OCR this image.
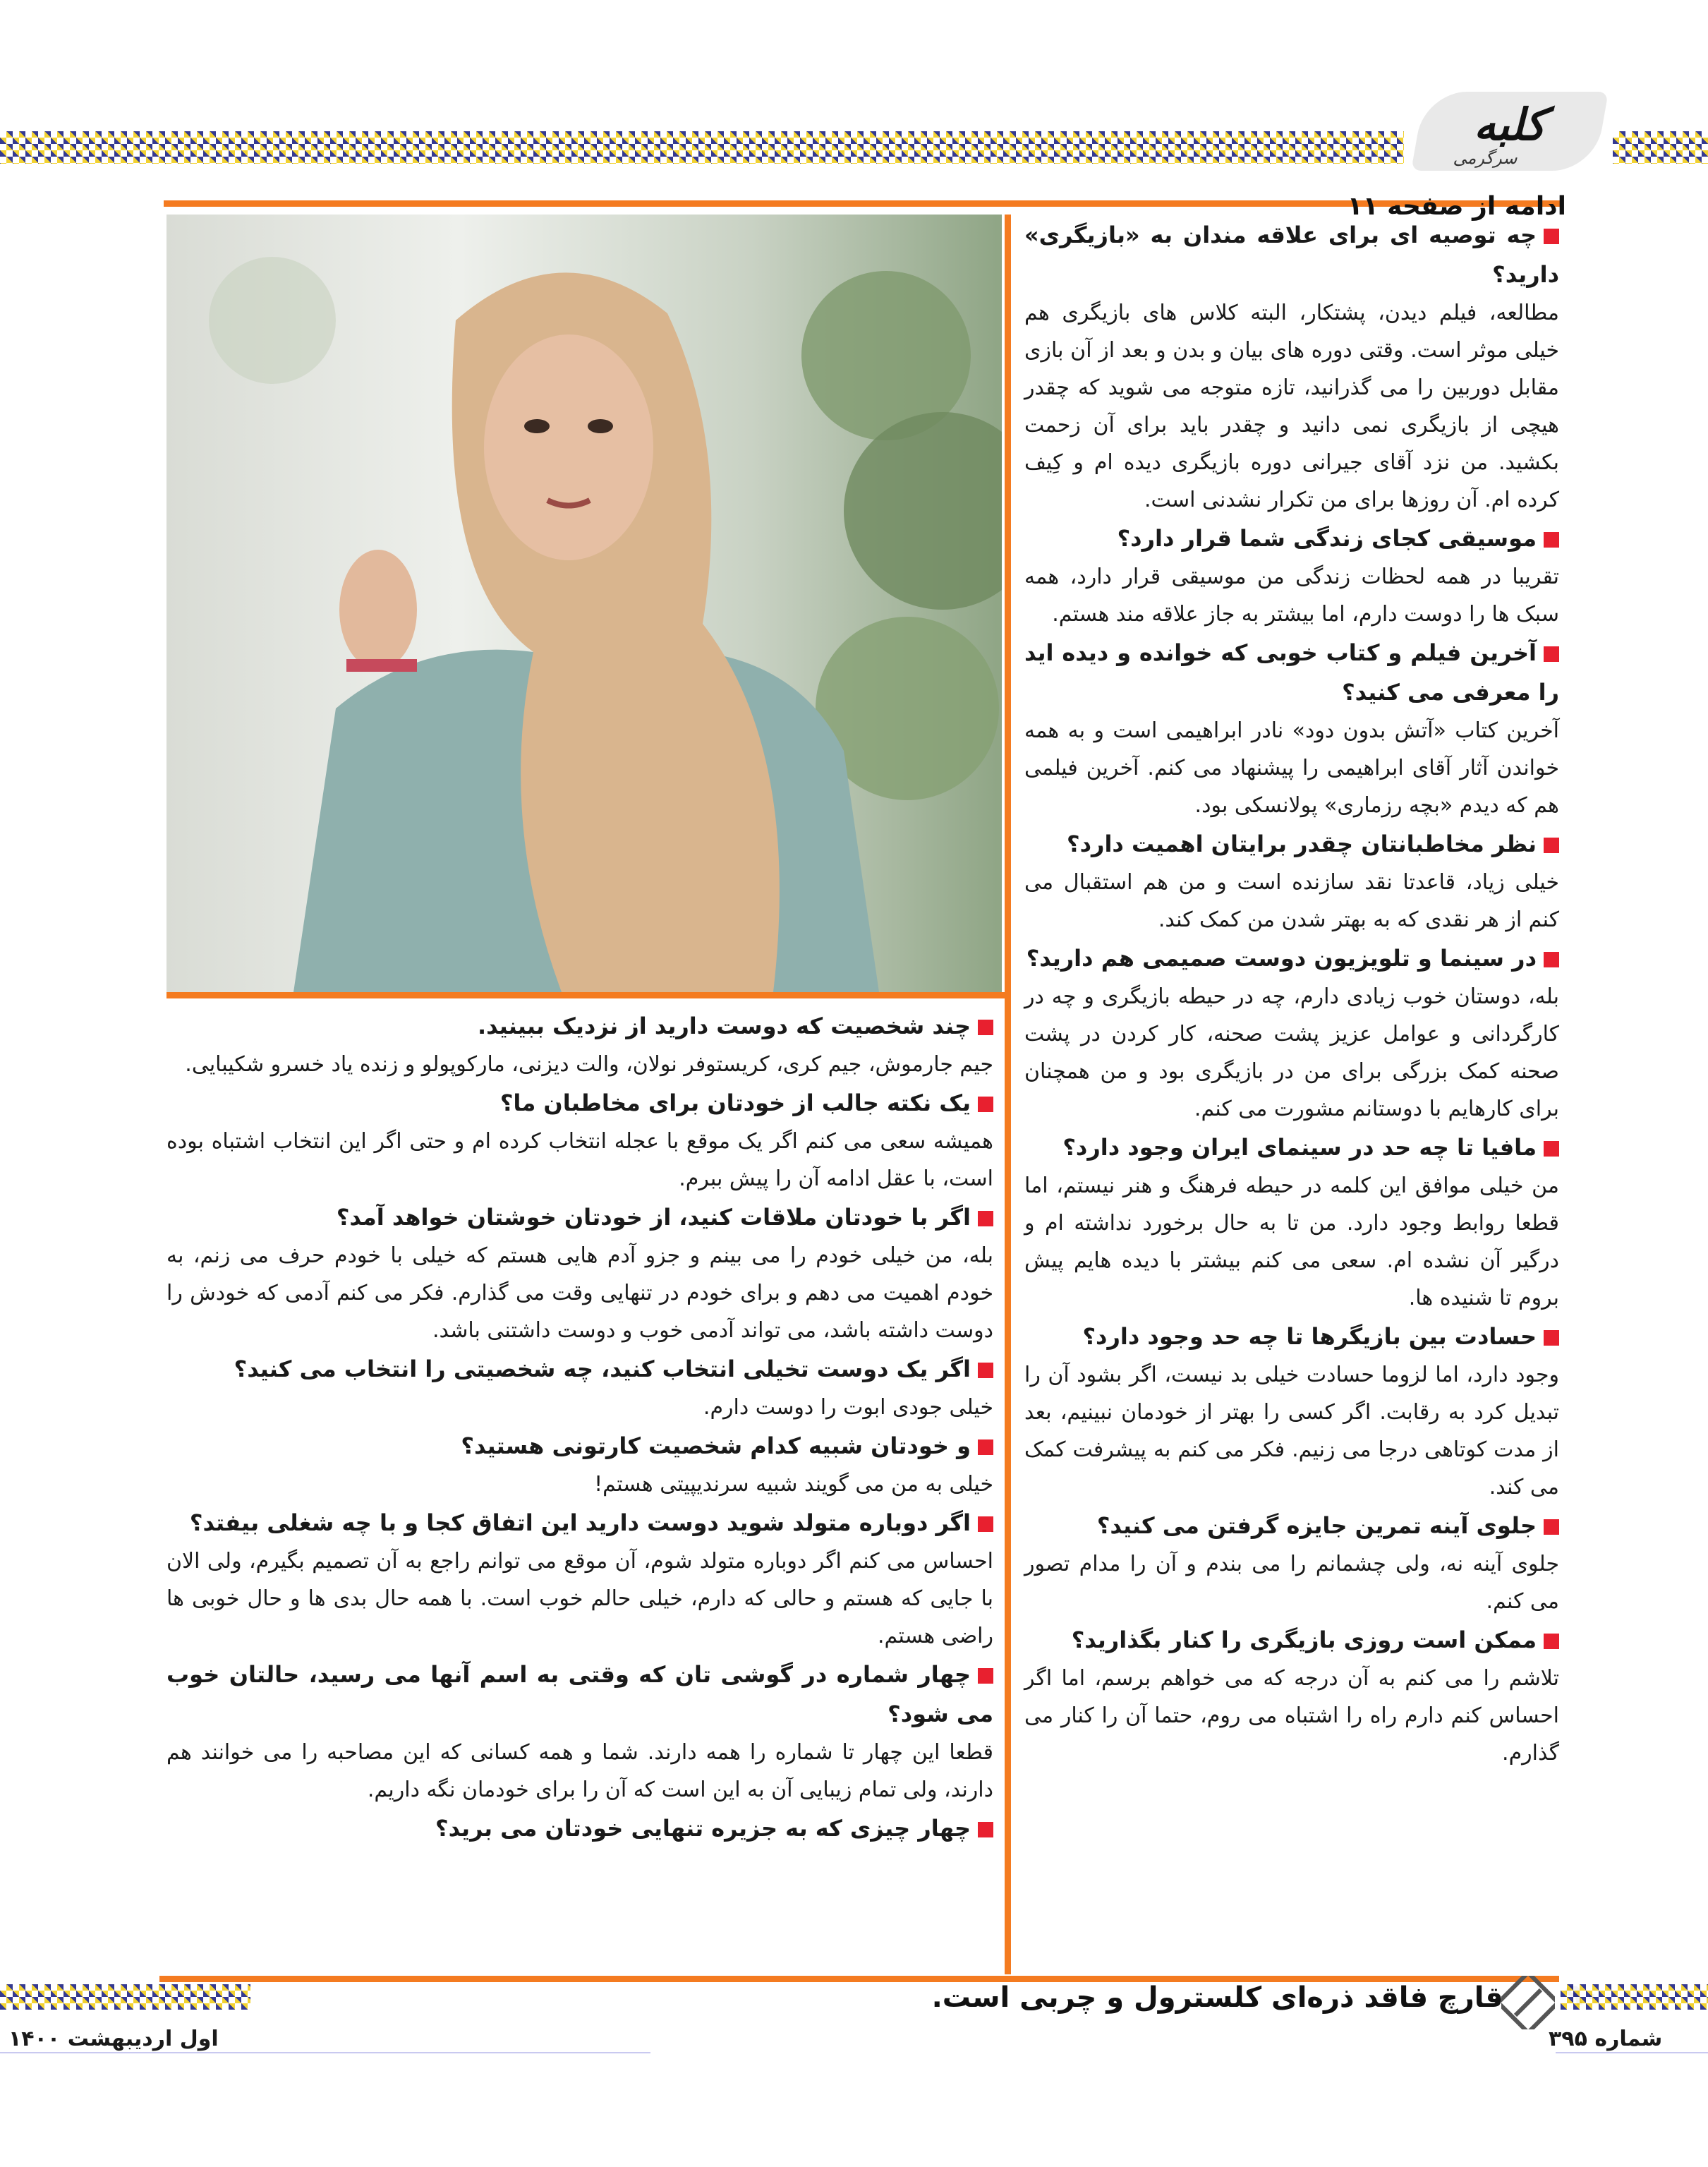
کلبه
سرگرمی
ادامه از صفحه ۱۱

چه توصیه ای برای علاقه مندان به «بازیگری» دارید؟

مطالعه، فیلم دیدن، پشتکار، البته کلاس های بازیگری هم خیلی موثر است. وقتی دوره های بیان و بدن و بعد از آن بازی مقابل دوربین را می گذرانید، تازه متوجه می شوید که چقدر هیچی از بازیگری نمی دانید و چقدر باید برای آن زحمت بکشید. من نزد آقای جیرانی دوره بازیگری دیده ام و کِیف کرده ام. آن روزها برای من تکرار نشدنی است.

موسیقی کجای زندگی شما قرار دارد؟

تقریبا در همه لحظات زندگی من موسیقی قرار دارد، همه سبک ها را دوست دارم، اما بیشتر به جاز علاقه مند هستم.

آخرین فیلم و کتاب خوبی که خوانده و دیده اید را معرفی می کنید؟

آخرین کتاب «آتش بدون دود» نادر ابراهیمی است و به همه خواندن آثار آقای ابراهیمی را پیشنهاد می کنم. آخرین فیلمی هم که دیدم «بچه رزماری» پولانسکی بود.

نظر مخاطبانتان چقدر برایتان اهمیت دارد؟

خیلی زیاد، قاعدتا نقد سازنده است و من هم استقبال می کنم از هر نقدی که به بهتر شدن من کمک کند.

در سینما و تلویزیون دوست صمیمی هم دارید؟

بله، دوستان خوب زیادی دارم، چه در حیطه بازیگری و چه در کارگردانی و عوامل عزیز پشت صحنه، کار کردن در پشت صحنه کمک بزرگی برای من در بازیگری بود و من همچنان برای کارهایم با دوستانم مشورت می کنم.

مافیا تا چه حد در سینمای ایران وجود دارد؟

من خیلی موافق این کلمه در حیطه فرهنگ و هنر نیستم، اما قطعا روابط وجود دارد. من تا به حال برخورد نداشته ام و درگیر آن نشده ام. سعی می کنم بیشتر با دیده هایم پیش بروم تا شنیده ها.

حسادت بین بازیگرها تا چه حد وجود دارد؟

وجود دارد، اما لزوما حسادت خیلی بد نیست، اگر بشود آن را تبدیل کرد به رقابت. اگر کسی را بهتر از خودمان نبینیم، بعد از مدت کوتاهی درجا می زنیم. فکر می کنم به پیشرفت کمک می کند.

جلوی آینه تمرین جایزه گرفتن می کنید؟

جلوی آینه نه، ولی چشمانم را می بندم و آن را مدام تصور می کنم.

ممکن است روزی بازیگری را کنار بگذارید؟

تلاشم را می کنم به آن درجه که می خواهم برسم، اما اگر احساس کنم دارم راه را اشتباه می روم، حتما آن را کنار می گذارم.

چند شخصیت که دوست دارید از نزدیک ببینید.

جیم جارموش، جیم کری، کریستوفر نولان، والت دیزنی، مارکوپولو و زنده یاد خسرو شکیبایی.

یک نکته جالب از خودتان برای مخاطبان ما؟

همیشه سعی می کنم اگر یک موقع با عجله انتخاب کرده ام و حتی اگر این انتخاب اشتباه بوده است، با عقل ادامه آن را پیش ببرم.

اگر با خودتان ملاقات کنید، از خودتان خوشتان خواهد آمد؟

بله، من خیلی خودم را می بینم و جزو آدم هایی هستم که خیلی با خودم حرف می زنم، به خودم اهمیت می دهم و برای خودم در تنهایی وقت می گذارم. فکر می کنم آدمی که خودش را دوست داشته باشد، می تواند آدمی خوب و دوست داشتنی باشد.

اگر یک دوست تخیلی انتخاب کنید، چه شخصیتی را انتخاب می کنید؟

خیلی جودی ابوت را دوست دارم.

و خودتان شبیه کدام شخصیت کارتونی هستید؟

خیلی به من می گویند شبیه سرندیپیتی هستم!

اگر دوباره متولد شوید دوست دارید این اتفاق کجا و با چه شغلی بیفتد؟

احساس می کنم اگر دوباره متولد شوم، آن موقع می توانم راجع به آن تصمیم بگیرم، ولی الان با جایی که هستم و حالی که دارم، خیلی حالم خوب است. با همه حال بدی ها و حال خوبی ها راضی هستم.

چهار شماره در گوشی تان که وقتی به اسم آنها می رسید، حالتان خوب می شود؟

قطعا این چهار تا شماره را همه دارند. شما و همه کسانی که این مصاحبه را می خوانند هم دارند، ولی تمام زیبایی آن به این است که آن را برای خودمان نگه داریم.

چهار چیزی که به جزیره تنهایی خودتان می برید؟

قارچ فاقد ذره‌ای کلسترول و چربی است.
شماره ۳۹۵
اول اردیبهشت ۱۴۰۰
